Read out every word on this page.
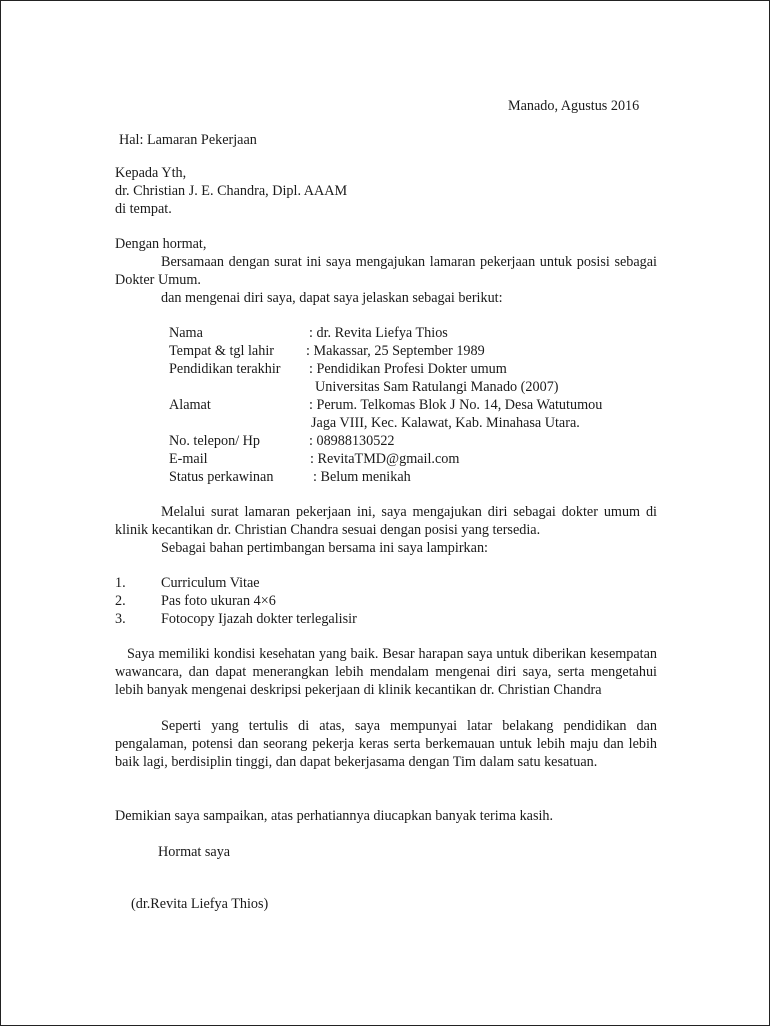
Manado, Agustus 2016
Hal: Lamaran Pekerjaan
Kepada Yth,
dr. Christian J. E. Chandra, Dipl. AAAM
di tempat.
Dengan hormat,
Bersamaan dengan surat ini saya mengajukan lamaran pekerjaan untuk posisi sebagai Dokter Umum.
dan mengenai diri saya, dapat saya jelaskan sebagai berikut:
Nama	: dr. Revita Liefya Thios
Tempat & tgl lahir : Makassar, 25 September 1989
Pendidikan terakhir : Pendidikan Profesi Dokter umum
Universitas Sam Ratulangi Manado (2007)
Alamat	: Perum. Telkomas Blok J No. 14, Desa Watutumou
Jaga VIII, Kec. Kalawat, Kab. Minahasa Utara.
No. telepon/ Hp	: 08988130522
E-mail	: RevitaTMD@gmail.com
Status perkawinan	: Belum menikah
Melalui surat lamaran pekerjaan ini, saya mengajukan diri sebagai dokter umum di klinik kecantikan dr. Christian Chandra sesuai dengan posisi yang tersedia.
Sebagai bahan pertimbangan bersama ini saya lampirkan:
1. Curriculum Vitae
2. Pas foto ukuran 4×6
3. Fotocopy Ijazah dokter terlegalisir
Saya memiliki kondisi kesehatan yang baik. Besar harapan saya untuk diberikan kesempatan wawancara, dan dapat menerangkan lebih mendalam mengenai diri saya, serta mengetahui lebih banyak mengenai deskripsi pekerjaan di klinik kecantikan dr. Christian Chandra
Seperti yang tertulis di atas, saya mempunyai latar belakang pendidikan dan pengalaman, potensi dan seorang pekerja keras serta berkemauan untuk lebih maju dan lebih baik lagi, berdisiplin tinggi, dan dapat bekerjasama dengan Tim dalam satu kesatuan.
Demikian saya sampaikan, atas perhatiannya diucapkan banyak terima kasih.
Hormat saya
(dr.Revita Liefya Thios)
